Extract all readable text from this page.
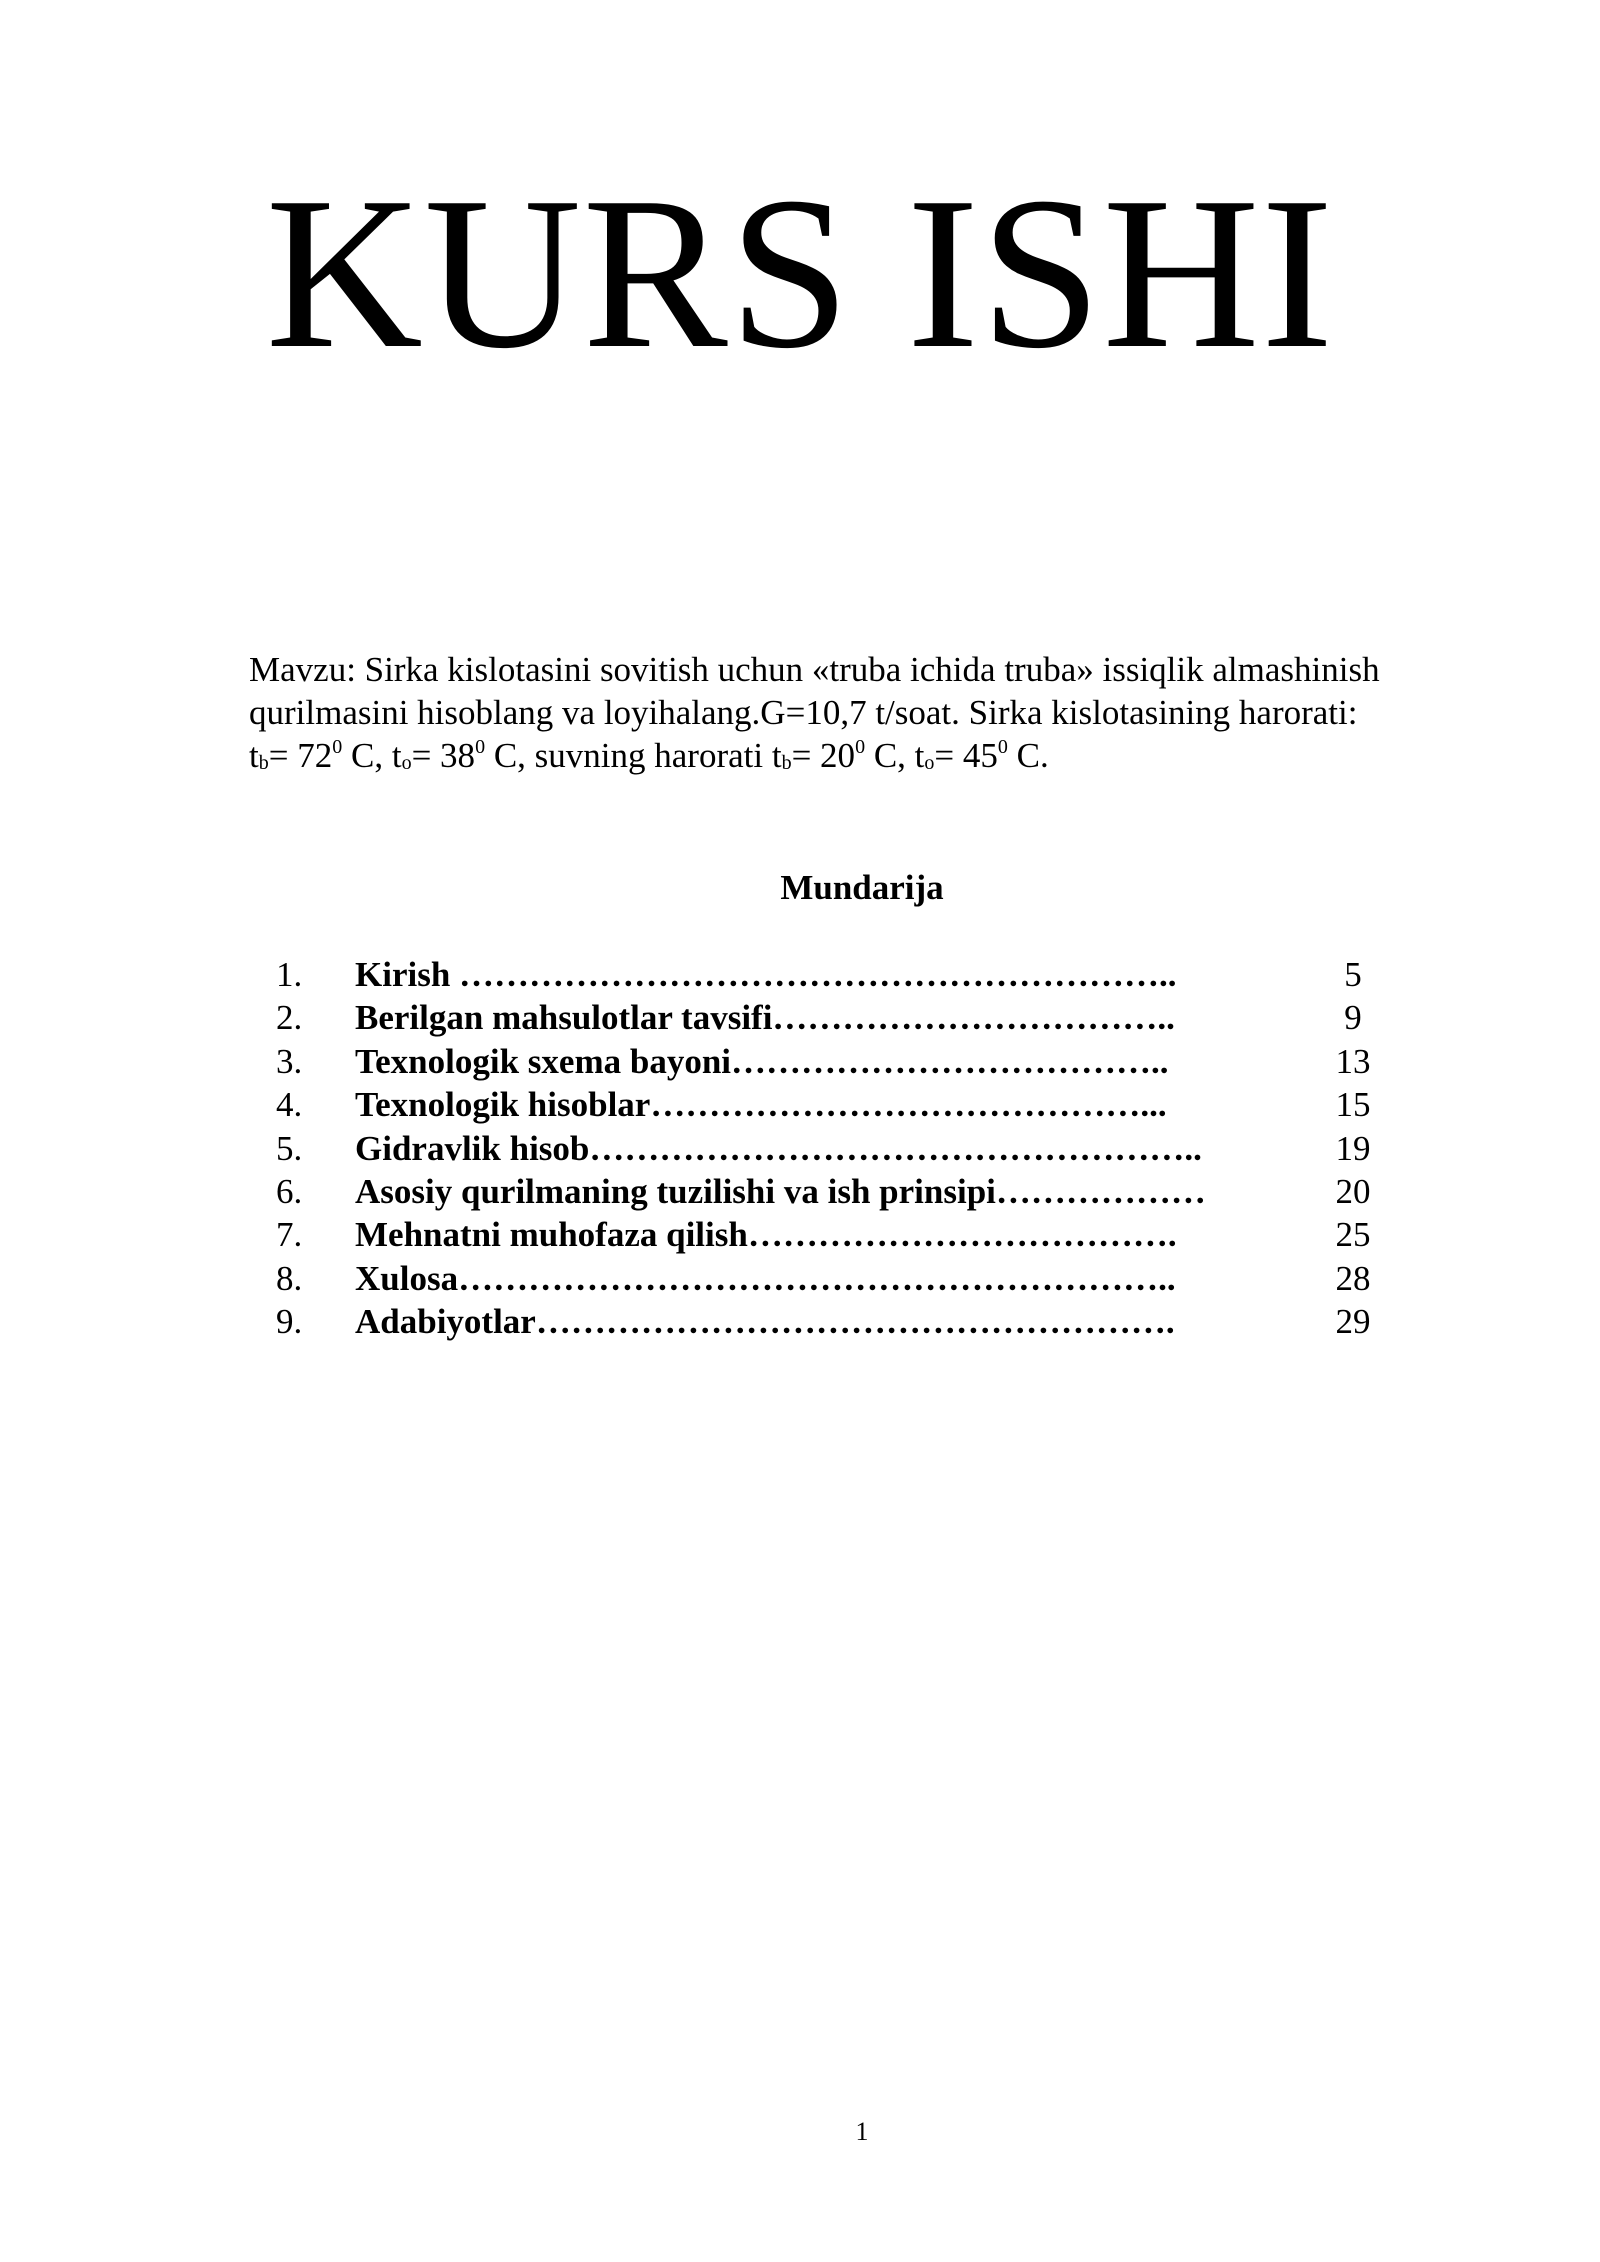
KURS ISHI
Mavzu: Sirka kislotasini sovitish uchun «truba ichida truba» issiqlik almashinish
qurilmasini hisoblang va loyihalang.G=10,7 t/soat. Sirka kislotasining harorati:
$t_b= 72^0$ C, $t_o= 38^0$ C, suvning harorati $t_b= 20^0$ C, $t_o= 45^0$ C.
Mundarija
1.	Kirish ……………………………………………………..	5
2.	Berilgan mahsulotlar tavsifi……………………………..	9
3.	Texnologik sxema bayoni………………………………..	13
4.	Texnologik hisoblar……………………………………...	15
5.	Gidravlik hisob……………………………………………..	19
6.	Asosiy qurilmaning tuzilishi va ish prinsipi………………	20
7.	Mehnatni muhofaza qilish……………………………….	25
8.	Xulosa……………………………………………………..	28
9.	Adabiyotlar……………………………………………….	29
1
